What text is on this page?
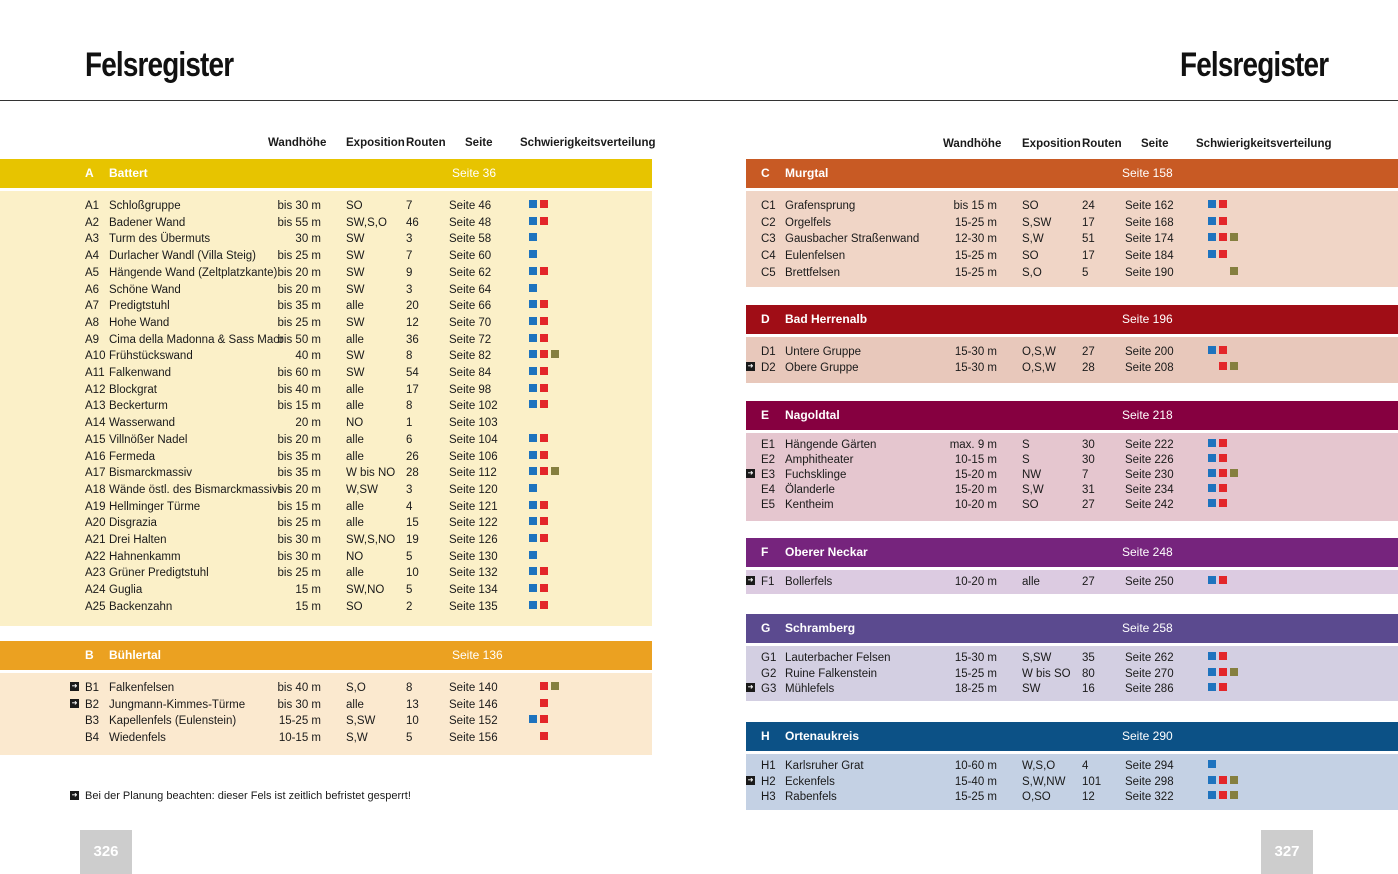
Felsregister	Felsregister
Wandhöhe Exposition Routen Seite Schwierigkeitsverteilung
A Battert	Seite 36
A1 Schloßgruppe	bis 30 m SO	7	Seite 46
A2 Badener Wand	bis 55 m SW,S,O 46	Seite 48
A3 Turm des Übermuts	30 m SW	3	Seite 58
A4 Durlacher Wandl (Villa Steig)	bis 25 m SW	7	Seite 60
A5 Hängende Wand (Zeltplatzkante) bis 20 m SW	9	Seite 62
A6 Schöne Wand	bis 20 m SW	3	Seite 64
A7 Predigtstuhl	bis 35 m alle	20	Seite 66
A8 Hohe Wand	bis 25 m SW	12	Seite 70
A9 Cima della Madonna & Sass Maor
bis 50 m alle	36	Seite 72
A10 Frühstückswand	40 m SW	8	Seite 82
A11 Falkenwand	bis 60 m SW	54	Seite 84
A12 Blockgrat	bis 40 m alle	17	Seite 98
A13 Beckerturm	bis 15 m alle	8	Seite 102
A14 Wasserwand	20 m NO	1	Seite 103
A15 Villnößer Nadel	bis 20 m alle	6	Seite 104
A16 Fermeda	bis 35 m alle	26	Seite 106
A17 Bismarckmassiv	bis 35 m W bis NO 28	Seite 112
A18 Wände östl. des Bismarckmassivs
bis 20 m W,SW 3	Seite 120
A19 Hellminger Türme	bis 15 m alle	4	Seite 121
A20 Disgrazia	bis 25 m alle	15	Seite 122
A21 Drei Halten	bis 30 m SW,S,NO 19	Seite 126
A22 Hahnenkamm	bis 30 m NO	5	Seite 130
A23 Grüner Predigtstuhl	bis 25 m alle	10	Seite 132
A24 Guglia	15 m SW,NO 5	Seite 134
A25 Backenzahn	15 m SO	2	Seite 135
B Bühlertal	Seite 136
➜ B1 Falkenfelsen	bis 40 m S,O	8	Seite 140
➜ B2 Jungmann-Kimmes-Türme	bis 30 m alle	13	Seite 146
B3 Kapellenfels (Eulenstein)	15-25 m S,SW	10	Seite 152
B4 Wiedenfels	10-15 m S,W	5	Seite 156
➜ Bei der Planung beachten: dieser Fels ist zeitlich befristet gesperrt!
326
Wandhöhe Exposition Routen Seite Schwierigkeitsverteilung
C Murgtal	Seite 158
C1 Grafensprung	bis 15 m SO	24	Seite 162
C2 Orgelfels	15-25 m S,SW	17	Seite 168
C3 Gausbacher Straßenwand	12-30 m S,W	51	Seite 174
C4 Eulenfelsen	15-25 m SO	17	Seite 184
C5 Brettfelsen	15-25 m S,O	5	Seite 190
D Bad Herrenalb	Seite 196
D1 Untere Gruppe	15-30 m O,S,W 27	Seite 200
➜ D2 Obere Gruppe	15-30 m O,S,W 28	Seite 208
E Nagoldtal	Seite 218
E1 Hängende Gärten	max. 9 m S	30	Seite 222
E2 Amphitheater	10-15 m S	30	Seite 226
➜ E3 Fuchsklinge	15-20 m NW	7	Seite 230
E4 Ölanderle	15-20 m S,W	31	Seite 234
E5 Kentheim	10-20 m SO	27	Seite 242
F Oberer Neckar	Seite 248
➜ F1 Bollerfels	10-20 m alle	27	Seite 250
G Schramberg	Seite 258
G1 Lauterbacher Felsen	15-30 m S,SW	35	Seite 262
G2 Ruine Falkenstein	15-25 m W bis SO 80	Seite 270
➜ G3 Mühlefels	18-25 m SW	16	Seite 286
H Ortenaukreis	Seite 290
H1 Karlsruher Grat	10-60 m W,S,O 4	Seite 294
➜ H2 Eckenfels	15-40 m S,W,NW 101 Seite 298
H3 Rabenfels	15-25 m O,SO	12	Seite 322
327
